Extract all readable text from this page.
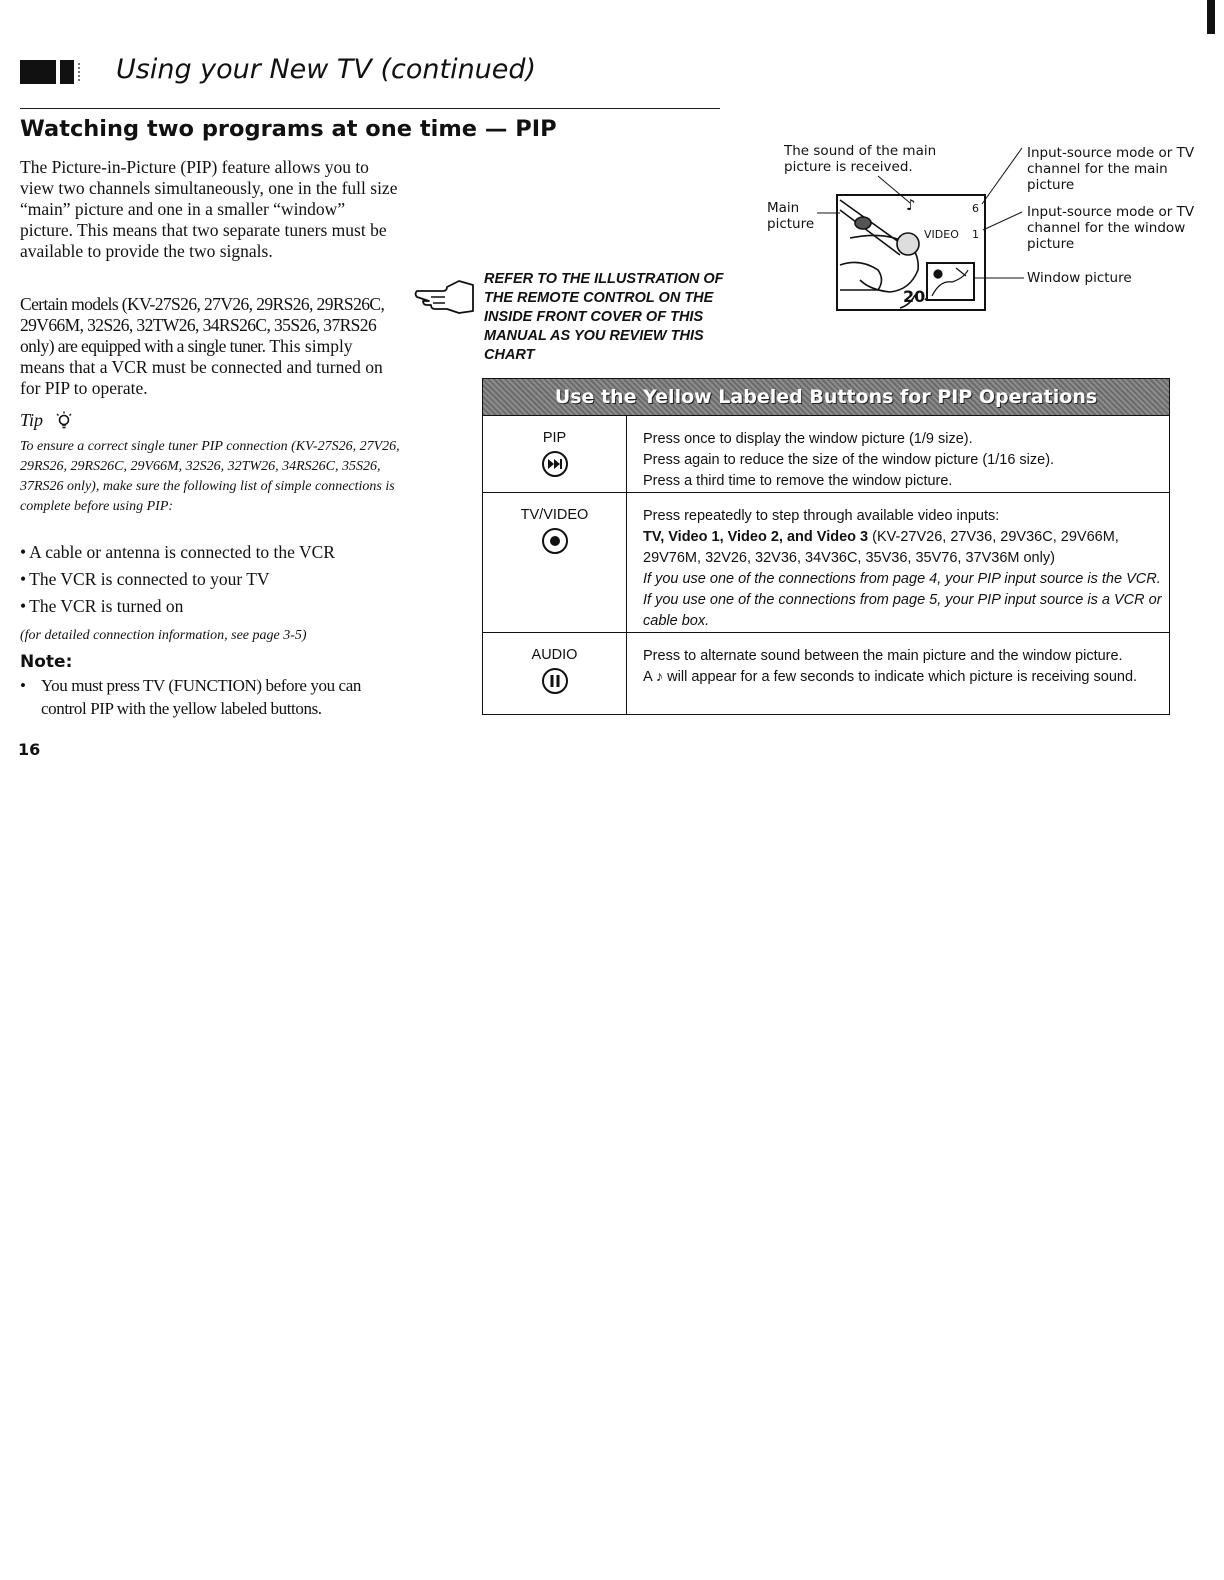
Using your New TV (continued)
Watching two programs at one time — PIP

The Picture-in-Picture (PIP) feature allows you to view two channels simultaneously, one in the full size “main” picture and one in a smaller “window” picture. This means that two separate tuners must be available to provide the two signals.

Certain models (KV-27S26, 27V26, 29RS26, 29RS26C, 29V66M, 32S26, 32TW26, 34RS26C, 35S26, 37RS26 only) are equipped with a single tuner. This simply means that a VCR must be connected and turned on for PIP to operate.

Tip

To ensure a correct single tuner PIP connection (KV-27S26, 27V26, 29RS26, 29RS26C, 29V66M, 32S26, 32TW26, 34RS26C, 35S26, 37RS26 only), make sure the following list of simple connections is complete before using PIP:

• A cable or antenna is connected to the VCR
• The VCR is connected to your TV
• The VCR is turned on
(for detailed connection information, see page 3-5)
Note:
• You must press TV (FUNCTION) before you can control PIP with the yellow labeled buttons.
16
REFER TO THE ILLUSTRATION OF THE REMOTE CONTROL ON THE INSIDE FRONT COVER OF THIS MANUAL AS YOU REVIEW THIS CHART
The sound of the main picture is received.
Main picture
Input-source mode or TV channel for the main picture
Input-source mode or TV channel for the window picture
Window picture
♪	6
VIDEO 1
20
Use the Yellow Labeled Buttons for PIP Operations
PIP	Press once to display the window picture (1/9 size).

Press again to reduce the size of the window picture (1/16 size).

Press a third time to remove the window picture.

TV/VIDEO	Press repeatedly to step through available video inputs:

TV, Video 1, Video 2, and Video 3 (KV-27V26, 27V36, 29V36C, 29V66M, 29V76M, 32V26, 32V36, 34V36C, 35V36, 35V76, 37V36M only)

If you use one of the connections from page 4, your PIP input source is the VCR. If you use one of the connections from page 5, your PIP input source is a VCR or cable box.

AUDIO	Press to alternate sound between the main picture and the window picture.

A ♪ will appear for a few seconds to indicate which picture is receiving sound.
